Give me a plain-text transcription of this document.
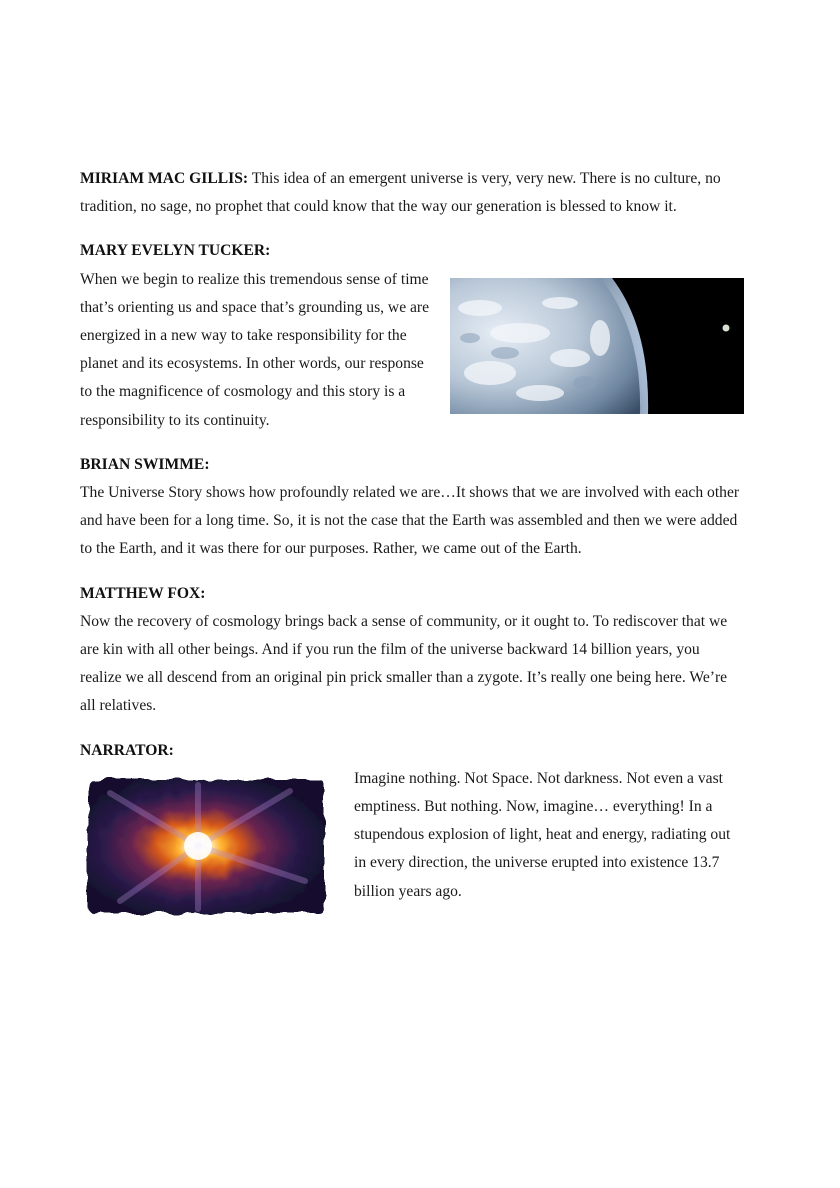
MIRIAM MAC GILLIS: This idea of an emergent universe is very, very new. There is no culture, no tradition, no sage, no prophet that could know that the way our generation is blessed to know it.

MARY EVELYN TUCKER:

When we begin to realize this tremendous sense of time that’s orienting us and space that’s grounding us, we are energized in a new way to take responsibility for the planet and its ecosystems. In other words, our response to the magnificence of cosmology and this story is a responsibility to its continuity.

BRIAN SWIMME:

The Universe Story shows how profoundly related we are…It shows that we are involved with each other and have been for a long time. So, it is not the case that the Earth was assembled and then we were added to the Earth, and it was there for our purposes. Rather, we came out of the Earth.

MATTHEW FOX:

Now the recovery of cosmology brings back a sense of community, or it ought to. To rediscover that we are kin with all other beings. And if you run the film of the universe backward 14 billion years, you realize we all descend from an original pin prick smaller than a zygote. It’s really one being here. We’re all relatives.

NARRATOR:

Imagine nothing. Not Space. Not darkness. Not even a vast emptiness. But nothing. Now, imagine… everything! In a stupendous explosion of light, heat and energy, radiating out in every direction, the universe erupted into existence 13.7 billion years ago.
